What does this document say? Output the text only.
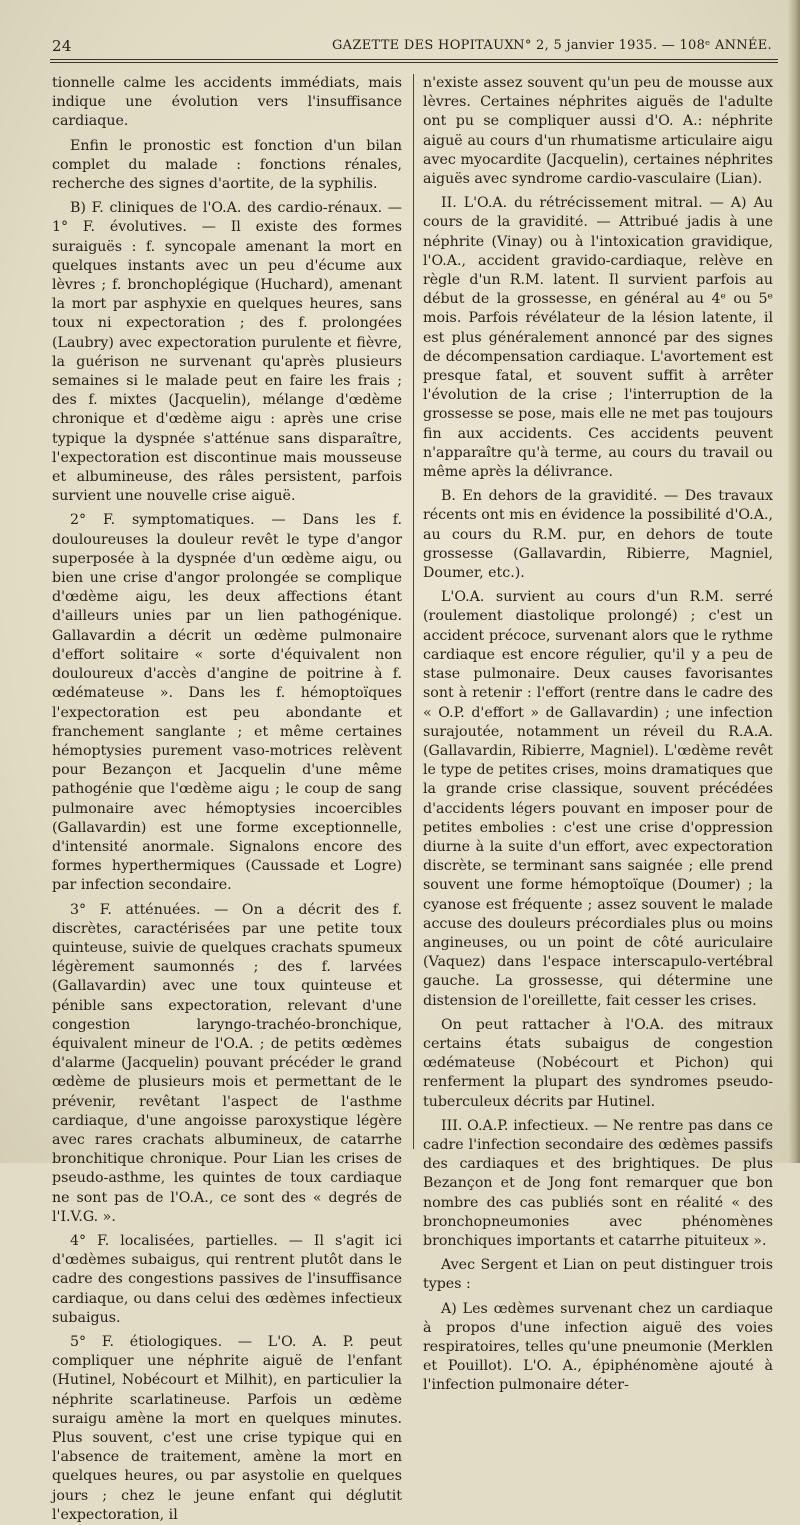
24	GAZETTE DES HOPITAUX N° 2, 5 janvier 1935. — 108ᵉ ANNÉE.

tionnelle calme les accidents immédiats, mais indique une évolution vers l'insuffisance cardiaque.

Enfin le pronostic est fonction d'un bilan complet du malade : fonctions rénales, recherche des signes d'aortite, de la syphilis.

B) F. cliniques de l'O.A. des cardio-rénaux. — 1° F. évolutives. — Il existe des formes suraiguës : f. syncopale amenant la mort en quelques instants avec un peu d'écume aux lèvres ; f. bronchoplégique (Huchard), amenant la mort par asphyxie en quelques heures, sans toux ni expectoration ; des f. prolongées (Laubry) avec expectoration purulente et fièvre, la guérison ne survenant qu'après plusieurs semaines si le malade peut en faire les frais ; des f. mixtes (Jacquelin), mélange d'œdème chronique et d'œdème aigu : après une crise typique la dyspnée s'atténue sans disparaître, l'expectoration est discontinue mais mousseuse et albumineuse, des râles persistent, parfois survient une nouvelle crise aiguë.

2° F. symptomatiques. — Dans les f. douloureuses la douleur revêt le type d'angor superposée à la dyspnée d'un œdème aigu, ou bien une crise d'angor prolongée se complique d'œdème aigu, les deux affections étant d'ailleurs unies par un lien pathogénique. Gallavardin a décrit un œdème pulmonaire d'effort solitaire « sorte d'équivalent non douloureux d'accès d'angine de poitrine à f. œdémateuse ». Dans les f. hémoptoïques l'expectoration est peu abondante et franchement sanglante ; et même certaines hémoptysies purement vaso-motrices relèvent pour Bezançon et Jacquelin d'une même pathogénie que l'œdème aigu ; le coup de sang pulmonaire avec hémoptysies incoercibles (Gallavardin) est une forme exceptionnelle, d'intensité anormale. Signalons encore des formes hyperthermiques (Caussade et Logre) par infection secondaire.

3° F. atténuées. — On a décrit des f. discrètes, caractérisées par une petite toux quinteuse, suivie de quelques crachats spumeux légèrement saumonnés ; des f. larvées (Gallavardin) avec une toux quinteuse et pénible sans expectoration, relevant d'une congestion laryngo-trachéo-bronchique, équivalent mineur de l'O.A. ; de petits œdèmes d'alarme (Jacquelin) pouvant précéder le grand œdème de plusieurs mois et permettant de le prévenir, revêtant l'aspect de l'asthme cardiaque, d'une angoisse paroxystique légère avec rares crachats albumineux, de catarrhe bronchitique chronique. Pour Lian les crises de pseudo-asthme, les quintes de toux cardiaque ne sont pas de l'O.A., ce sont des « degrés de l'I.V.G. ».

4° F. localisées, partielles. — Il s'agit ici d'œdèmes subaigus, qui rentrent plutôt dans le cadre des congestions passives de l'insuffisance cardiaque, ou dans celui des œdèmes infectieux subaigus.

5° F. étiologiques. — L'O. A. P. peut compliquer une néphrite aiguë de l'enfant (Hutinel, Nobécourt et Milhit), en particulier la néphrite scarlatineuse. Parfois un œdème suraigu amène la mort en quelques minutes. Plus souvent, c'est une crise typique qui en l'absence de traitement, amène la mort en quelques heures, ou par asystolie en quelques jours ; chez le jeune enfant qui déglutit l'expectoration, il

n'existe assez souvent qu'un peu de mousse aux lèvres. Certaines néphrites aiguës de l'adulte ont pu se compliquer aussi d'O. A.: néphrite aiguë au cours d'un rhumatisme articulaire aigu avec myocardite (Jacquelin), certaines néphrites aiguës avec syndrome cardio-vasculaire (Lian).

II. L'O.A. du rétrécissement mitral. — A) Au cours de la gravidité. — Attribué jadis à une néphrite (Vinay) ou à l'intoxication gravidique, l'O.A., accident gravido-cardiaque, relève en règle d'un R.M. latent. Il survient parfois au début de la grossesse, en général au 4ᵉ ou 5ᵉ mois. Parfois révélateur de la lésion latente, il est plus généralement annoncé par des signes de décompensation cardiaque. L'avortement est presque fatal, et souvent suffit à arrêter l'évolution de la crise ; l'interruption de la grossesse se pose, mais elle ne met pas toujours fin aux accidents. Ces accidents peuvent n'apparaître qu'à terme, au cours du travail ou même après la délivrance.

B. En dehors de la gravidité. — Des travaux récents ont mis en évidence la possibilité d'O.A., au cours du R.M. pur, en dehors de toute grossesse (Gallavardin, Ribierre, Magniel, Doumer, etc.).

L'O.A. survient au cours d'un R.M. serré (roulement diastolique prolongé) ; c'est un accident précoce, survenant alors que le rythme cardiaque est encore régulier, qu'il y a peu de stase pulmonaire. Deux causes favorisantes sont à retenir : l'effort (rentre dans le cadre des « O.P. d'effort » de Gallavardin) ; une infection surajoutée, notamment un réveil du R.A.A. (Gallavardin, Ribierre, Magniel). L'œdème revêt le type de petites crises, moins dramatiques que la grande crise classique, souvent précédées d'accidents légers pouvant en imposer pour de petites embolies : c'est une crise d'oppression diurne à la suite d'un effort, avec expectoration discrète, se terminant sans saignée ; elle prend souvent une forme hémoptoïque (Doumer) ; la cyanose est fréquente ; assez souvent le malade accuse des douleurs précordiales plus ou moins angineuses, ou un point de côté auriculaire (Vaquez) dans l'espace interscapulo-vertébral gauche. La grossesse, qui détermine une distension de l'oreillette, fait cesser les crises.

On peut rattacher à l'O.A. des mitraux certains états subaigus de congestion œdémateuse (Nobécourt et Pichon) qui renferment la plupart des syndromes pseudo-tuberculeux décrits par Hutinel.

III. O.A.P. infectieux. — Ne rentre pas dans ce cadre l'infection secondaire des œdèmes passifs des cardiaques et des brightiques. De plus Bezançon et de Jong font remarquer que bon nombre des cas publiés sont en réalité « des bronchopneumonies avec phénomènes bronchiques importants et catarrhe pituiteux ».

Avec Sergent et Lian on peut distinguer trois types :

A) Les œdèmes survenant chez un cardiaque à propos d'une infection aiguë des voies respiratoires, telles qu'une pneumonie (Merklen et Pouillot). L'O. A., épiphénomène ajouté à l'infection pulmonaire déter-
